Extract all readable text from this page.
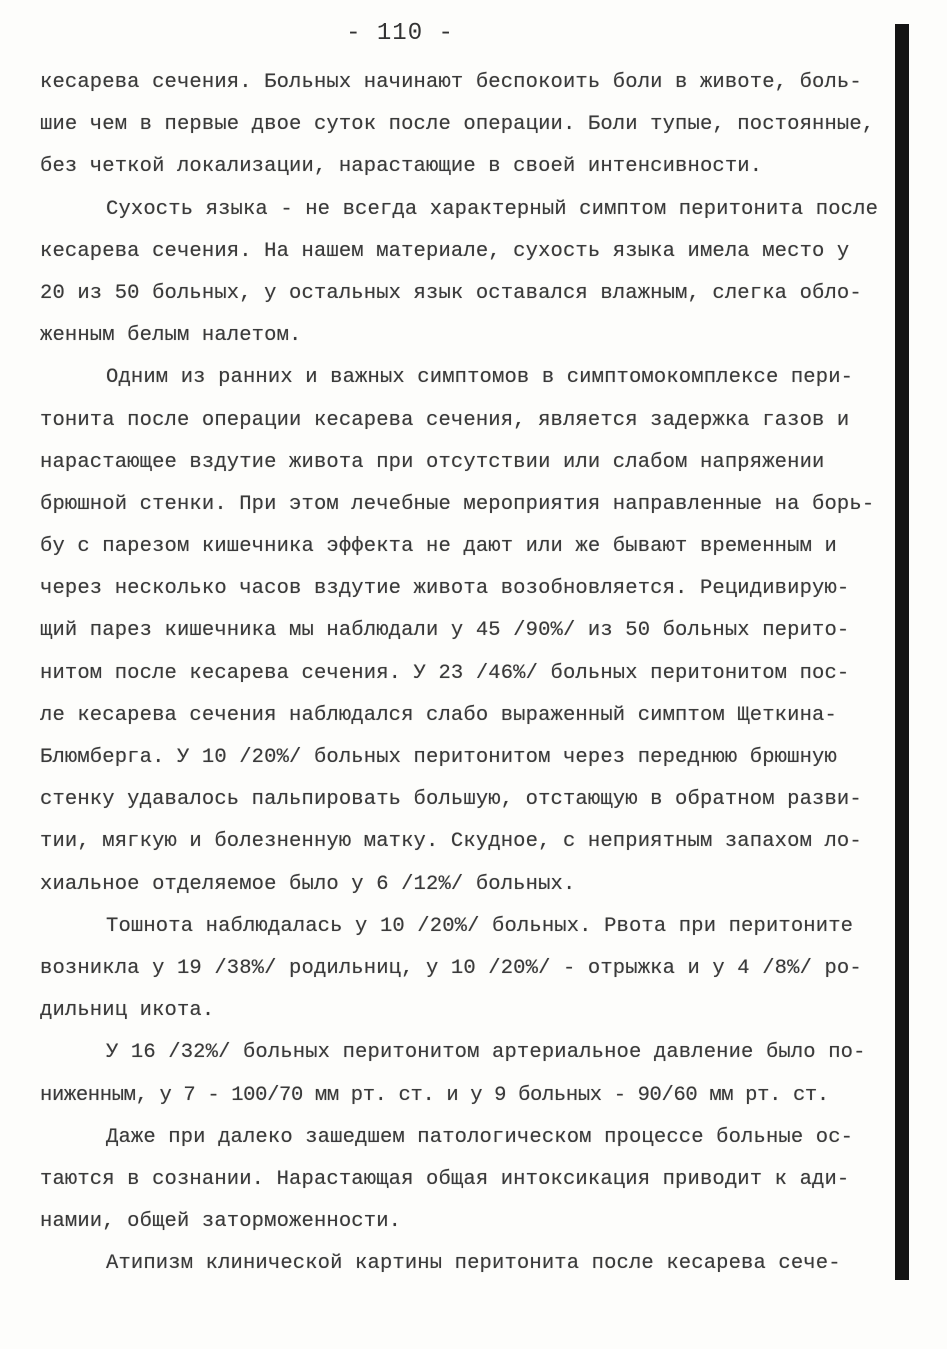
- 110 -
кесарева сечения. Больных начинают беспокоить боли в животе, боль-
шие чем в первые двое суток после операции. Боли тупые, постоянные,
без четкой локализации, нарастающие в своей интенсивности.
Сухость языка - не всегда характерный симптом перитонита после
кесарева сечения. На нашем материале, сухость языка имела место у
20 из 50 больных, у остальных язык оставался влажным, слегка обло-
женным белым налетом.
Одним из ранних и важных симптомов в симптомокомплексе пери-
тонита после операции кесарева сечения, является задержка газов и
нарастающее вздутие живота при отсутствии или слабом напряжении
брюшной стенки. При этом лечебные мероприятия направленные на борь-
бу с парезом кишечника эффекта не дают или же бывают временным и
через несколько часов вздутие живота возобновляется. Рецидивирую-
щий парез кишечника мы наблюдали у 45 /90%/ из 50 больных перито-
нитом после кесарева сечения. У 23 /46%/ больных перитонитом пос-
ле кесарева сечения наблюдался слабо выраженный симптом Щеткина-
Блюмберга. У 10 /20%/ больных перитонитом через переднюю брюшную
стенку удавалось пальпировать большую, отстающую в обратном разви-
тии, мягкую и болезненную матку. Скудное, с неприятным запахом ло-
хиальное отделяемое было у 6 /12%/ больных.
Тошнота наблюдалась у 10 /20%/ больных. Рвота при перитоните
возникла у 19 /38%/ родильниц, у 10 /20%/ - отрыжка и у 4 /8%/ ро-
дильниц икота.
У 16 /32%/ больных перитонитом артериальное давление было по-
ниженным, у 7 - 100/70 мм рт. ст. и у 9 больных - 90/60 мм рт. ст.
Даже при далеко зашедшем патологическом процессе больные ос-
таются в сознании. Нарастающая общая интоксикация приводит к ади-
намии, общей заторможенности.
Атипизм клинической картины перитонита после кесарева сече-
